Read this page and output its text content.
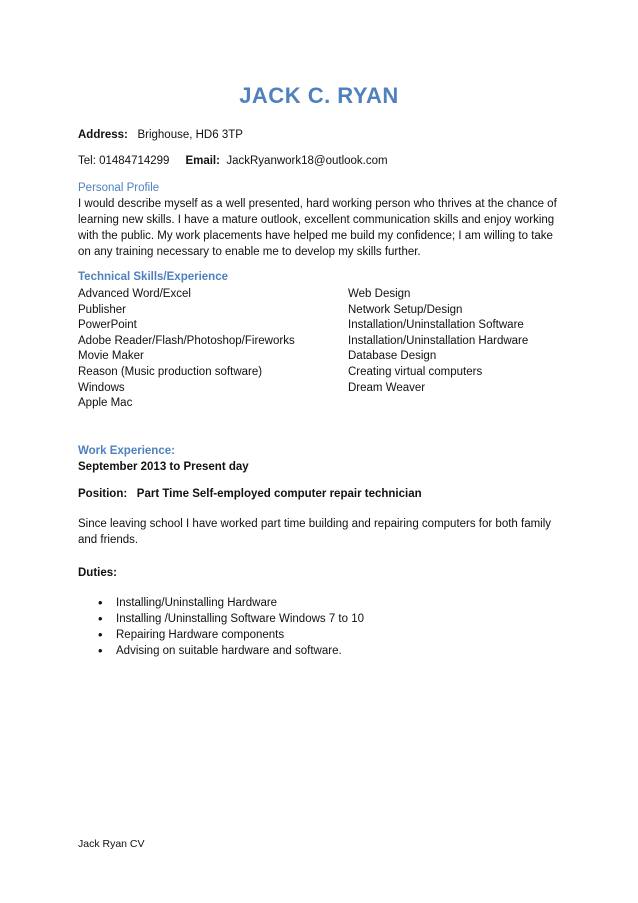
JACK C. RYAN
Address: Brighouse, HD6 3TP
Tel: 01484714299 Email: JackRyanwork18@outlook.com
Personal Profile
I would describe myself as a well presented, hard working person who thrives at the chance of learning new skills. I have a mature outlook, excellent communication skills and enjoy working with the public. My work placements have helped me build my confidence; I am willing to take on any training necessary to enable me to develop my skills further.
Technical Skills/Experience
Advanced Word/Excel	Web Design
Publisher	Network Setup/Design
PowerPoint	Installation/Uninstallation Software
Adobe Reader/Flash/Photoshop/Fireworks	Installation/Uninstallation Hardware
Movie Maker	Database Design
Reason (Music production software)	Creating virtual computers
Windows	Dream Weaver
Apple Mac
Work Experience:
September 2013 to Present day
Position: Part Time Self-employed computer repair technician
Since leaving school I have worked part time building and repairing computers for both family and friends.
Duties:
• Installing/Uninstalling Hardware
• Installing /Uninstalling Software Windows 7 to 10
• Repairing Hardware components
• Advising on suitable hardware and software.
Jack Ryan CV
